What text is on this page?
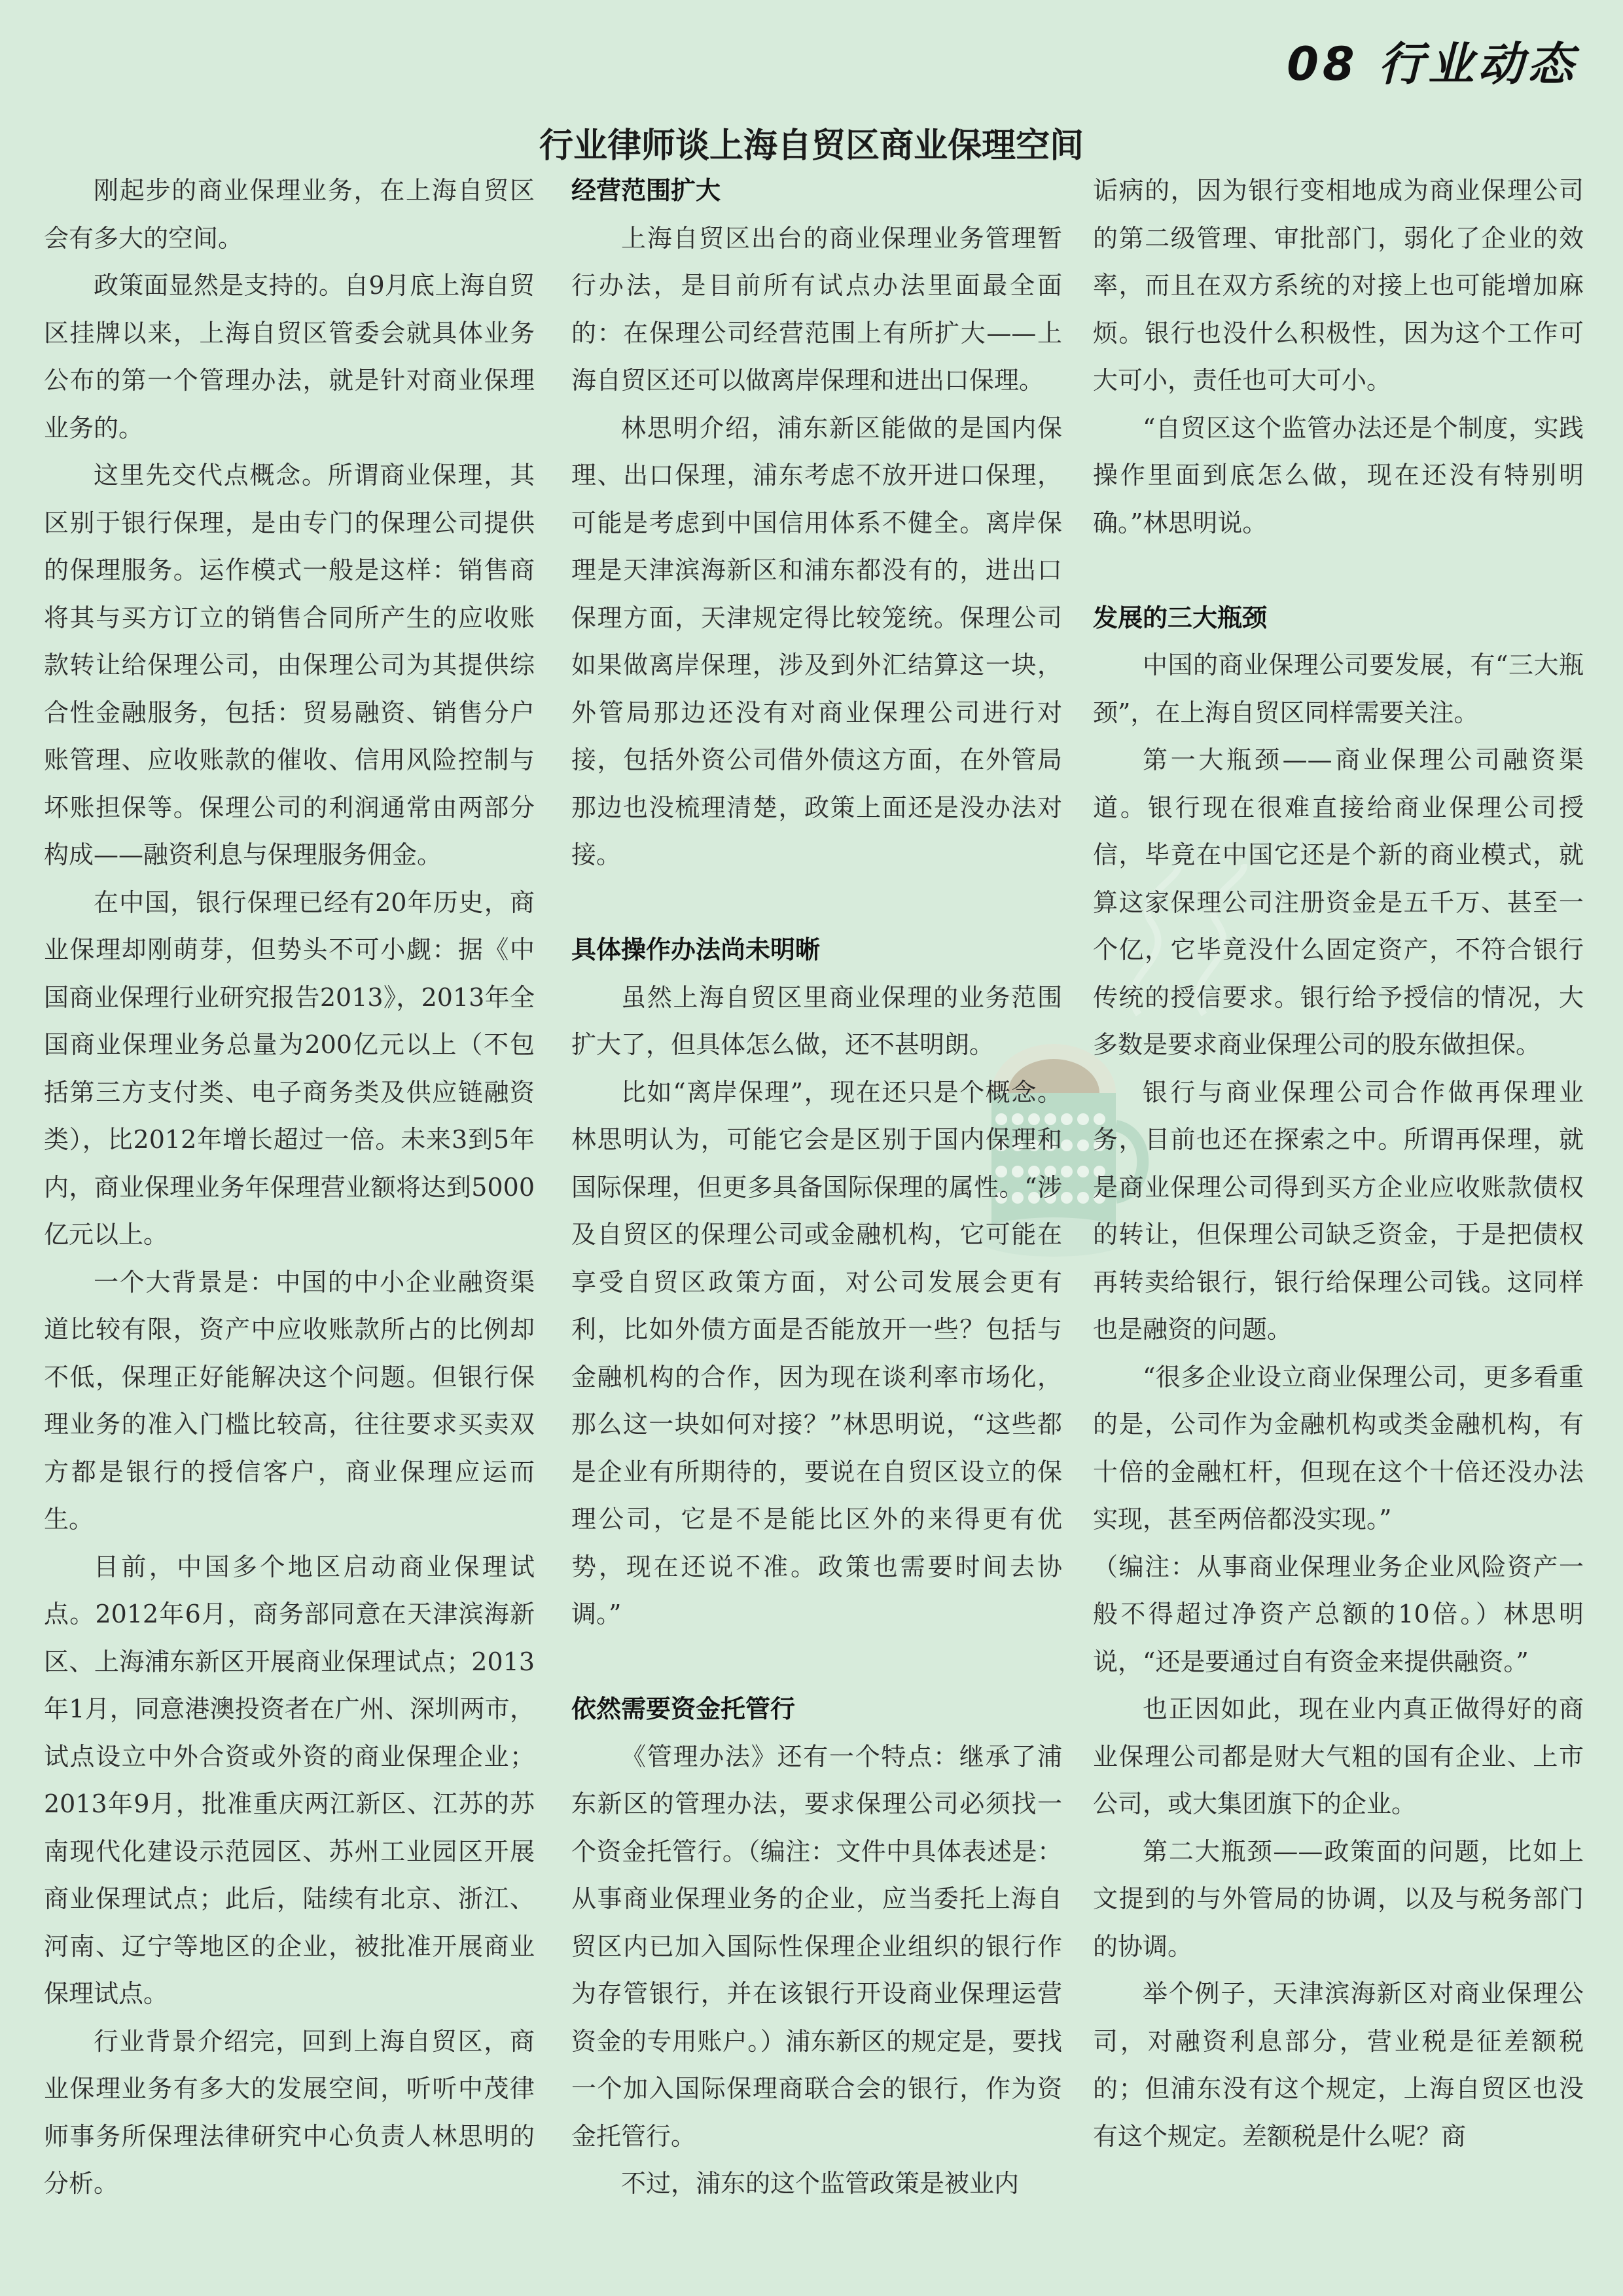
08 行业动态
行业律师谈上海自贸区商业保理空间

刚起步的商业保理业务，在上海自贸区会有多大的空间。

政策面显然是支持的。自9月底上海自贸区挂牌以来，上海自贸区管委会就具体业务公布的第一个管理办法，就是针对商业保理业务的。

这里先交代点概念。所谓商业保理，其区别于银行保理，是由专门的保理公司提供的保理服务。运作模式一般是这样：销售商将其与买方订立的销售合同所产生的应收账款转让给保理公司，由保理公司为其提供综合性金融服务，包括：贸易融资、销售分户账管理、应收账款的催收、信用风险控制与坏账担保等。保理公司的利润通常由两部分构成——融资利息与保理服务佣金。

在中国，银行保理已经有20年历史，商业保理却刚萌芽，但势头不可小觑：据《中国商业保理行业研究报告2013》，2013年全国商业保理业务总量为200亿元以上（不包括第三方支付类、电子商务类及供应链融资类），比2012年增长超过一倍。未来3到5年内，商业保理业务年保理营业额将达到5000亿元以上。

一个大背景是：中国的中小企业融资渠道比较有限，资产中应收账款所占的比例却不低，保理正好能解决这个问题。但银行保理业务的准入门槛比较高，往往要求买卖双方都是银行的授信客户，商业保理应运而生。

目前，中国多个地区启动商业保理试点。2012年6月，商务部同意在天津滨海新区、上海浦东新区开展商业保理试点；2013年1月，同意港澳投资者在广州、深圳两市，试点设立中外合资或外资的商业保理企业；2013年9月，批准重庆两江新区、江苏的苏南现代化建设示范园区、苏州工业园区开展商业保理试点；此后，陆续有北京、浙江、河南、辽宁等地区的企业，被批准开展商业保理试点。

行业背景介绍完，回到上海自贸区，商业保理业务有多大的发展空间，听听中茂律师事务所保理法律研究中心负责人林思明的分析。

经营范围扩大

上海自贸区出台的商业保理业务管理暂行办法，是目前所有试点办法里面最全面的：在保理公司经营范围上有所扩大——上海自贸区还可以做离岸保理和进出口保理。

林思明介绍，浦东新区能做的是国内保理、出口保理，浦东考虑不放开进口保理，可能是考虑到中国信用体系不健全。离岸保理是天津滨海新区和浦东都没有的，进出口保理方面，天津规定得比较笼统。保理公司如果做离岸保理，涉及到外汇结算这一块，外管局那边还没有对商业保理公司进行对接，包括外资公司借外债这方面，在外管局那边也没梳理清楚，政策上面还是没办法对接。

具体操作办法尚未明晰

虽然上海自贸区里商业保理的业务范围扩大了，但具体怎么做，还不甚明朗。

比如“离岸保理”，现在还只是个概念。林思明认为，可能它会是区别于国内保理和国际保理，但更多具备国际保理的属性。“涉及自贸区的保理公司或金融机构，它可能在享受自贸区政策方面，对公司发展会更有利，比如外债方面是否能放开一些？包括与金融机构的合作，因为现在谈利率市场化，那么这一块如何对接？”林思明说，“这些都是企业有所期待的，要说在自贸区设立的保理公司，它是不是能比区外的来得更有优势，现在还说不准。政策也需要时间去协调。”

依然需要资金托管行

《管理办法》还有一个特点：继承了浦东新区的管理办法，要求保理公司必须找一个资金托管行。（编注：文件中具体表述是：从事商业保理业务的企业，应当委托上海自贸区内已加入国际性保理企业组织的银行作为存管银行，并在该银行开设商业保理运营资金的专用账户。）浦东新区的规定是，要找一个加入国际保理商联合会的银行，作为资金托管行。

不过，浦东的这个监管政策是被业内

诟病的，因为银行变相地成为商业保理公司的第二级管理、审批部门，弱化了企业的效率，而且在双方系统的对接上也可能增加麻烦。银行也没什么积极性，因为这个工作可大可小，责任也可大可小。

“自贸区这个监管办法还是个制度，实践操作里面到底怎么做，现在还没有特别明确。”林思明说。

发展的三大瓶颈

中国的商业保理公司要发展，有“三大瓶颈”，在上海自贸区同样需要关注。

第一大瓶颈——商业保理公司融资渠道。银行现在很难直接给商业保理公司授信，毕竟在中国它还是个新的商业模式，就算这家保理公司注册资金是五千万、甚至一个亿，它毕竟没什么固定资产，不符合银行传统的授信要求。银行给予授信的情况，大多数是要求商业保理公司的股东做担保。

银行与商业保理公司合作做再保理业务，目前也还在探索之中。所谓再保理，就是商业保理公司得到买方企业应收账款债权的转让，但保理公司缺乏资金，于是把债权再转卖给银行，银行给保理公司钱。这同样也是融资的问题。

“很多企业设立商业保理公司，更多看重的是，公司作为金融机构或类金融机构，有十倍的金融杠杆，但现在这个十倍还没办法实现，甚至两倍都没实现。”

（编注：从事商业保理业务企业风险资产一般不得超过净资产总额的10倍。）林思明说，“还是要通过自有资金来提供融资。”

也正因如此，现在业内真正做得好的商业保理公司都是财大气粗的国有企业、上市公司，或大集团旗下的企业。

第二大瓶颈——政策面的问题，比如上文提到的与外管局的协调，以及与税务部门的协调。

举个例子，天津滨海新区对商业保理公司，对融资利息部分，营业税是征差额税的；但浦东没有这个规定，上海自贸区也没有这个规定。差额税是什么呢？商
